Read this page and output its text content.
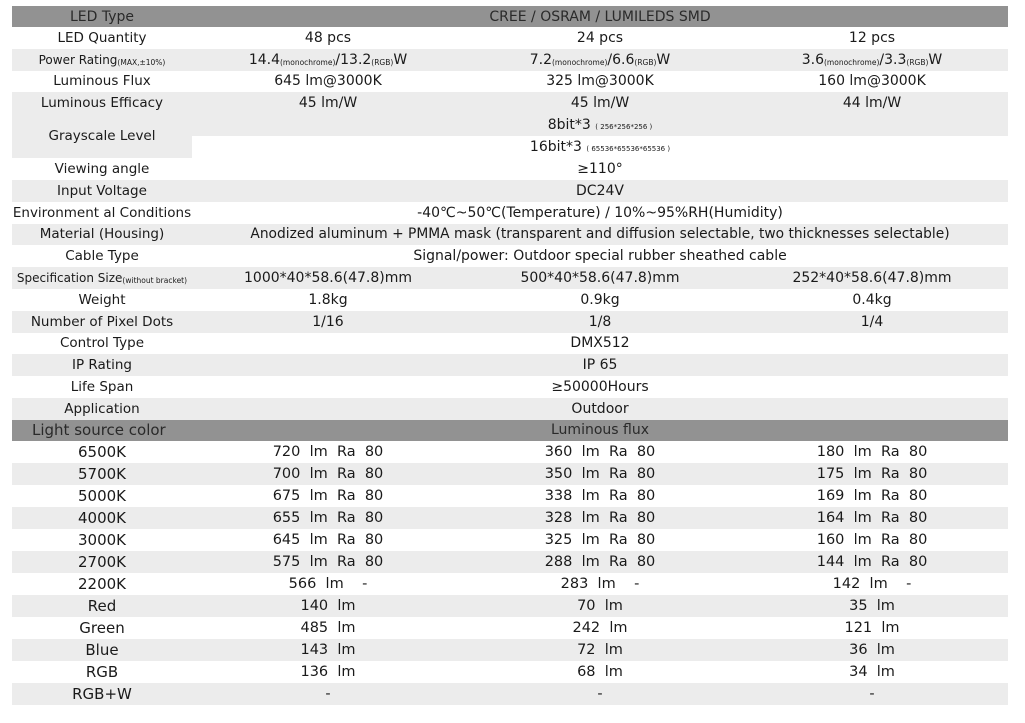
LED Type	CREE / OSRAM / LUMILEDS SMD		
LED Quantity	48 pcs	24 pcs	12 pcs
Power Rating$_{(MAX,\pm 10\%)}$	$14.4_{(monochrome)}/13.2_{(RGB)}W$	$7.2_{(monochrome)}/6.6_{(RGB)}W$	$3.6_{(monochrome)}/3.3_{(RGB)}W$
Luminous Flux	645 lm@3000K	325 lm@3000K	160 lm@3000K
Luminous Efficacy	45 lm/W	45 lm/W	44 lm/W
Grayscale Level	8bit*3 ( 256*256*256 )		
	16bit*3 ( 65536*65536*65536 )		
Viewing angle	≥110°		
Input Voltage	DC24V		
Environment al Conditions	-40℃~50℃(Temperature) / 10%~95%RH(Humidity)		
Material (Housing)	Anodized aluminum + PMMA mask (transparent and diffusion selectable, two thicknesses selectable)		
Cable Type	Signal/power: Outdoor special rubber sheathed cable		
Specification Size$_{(without bracket)}$	1000*40*58.6(47.8)mm	500*40*58.6(47.8)mm	252*40*58.6(47.8)mm
Weight	1.8kg	0.9kg	0.4kg
Number of Pixel Dots	1/16	1/8	1/4
Control Type	DMX512		
IP Rating	IP 65		
Life Span	≥50000Hours		
Application	Outdoor		
Light source color	Luminous flux		
6500K	720  lm  Ra  80	360  lm  Ra  80	180  lm  Ra  80
5700K	700  lm  Ra  80	350  lm  Ra  80	175  lm  Ra  80
5000K	675  lm  Ra  80	338  lm  Ra  80	169  lm  Ra  80
4000K	655  lm  Ra  80	328  lm  Ra  80	164  lm  Ra  80
3000K	645  lm  Ra  80	325  lm  Ra  80	160  lm  Ra  80
2700K	575  lm  Ra  80	288  lm  Ra  80	144  lm  Ra  80
2200K	566  lm    -	283  lm    -	142  lm    -
Red	140  lm	70  lm	35  lm
Green	485  lm	242  lm	121  lm
Blue	143  lm	72  lm	36  lm
RGB	136  lm	68  lm	34  lm
RGB+W	-	-	-
